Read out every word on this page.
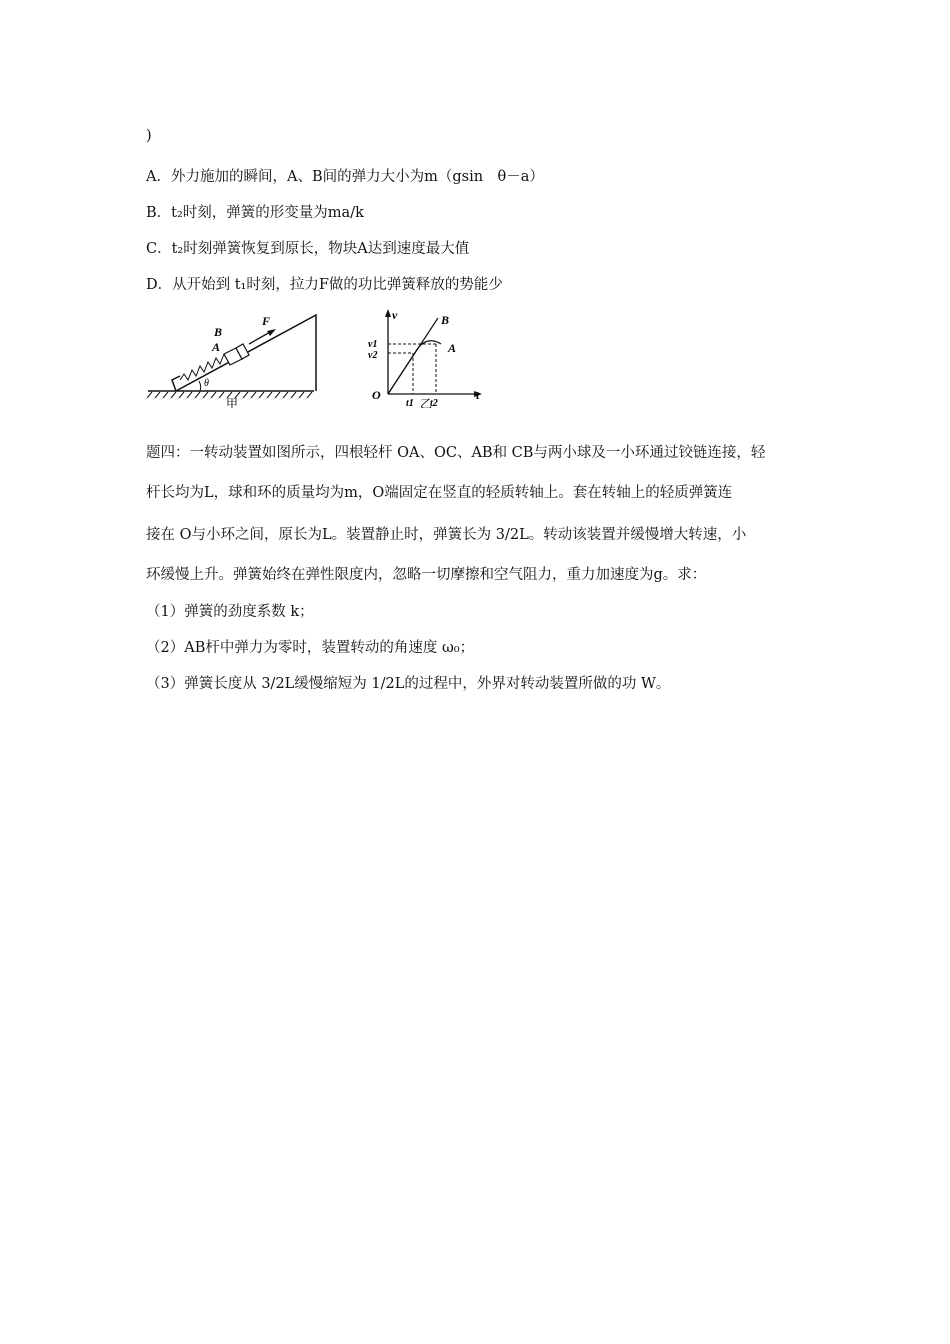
)
A．外力施加的瞬间，A、B间的弹力大小为m（gsin　θ－a）
B．t₂时刻，弹簧的形变量为ma/k
C．t₂时刻弹簧恢复到原长，物块A达到速度最大值
D．从开始到 t₁时刻，拉力F做的功比弹簧释放的势能少
B
A
F
θ
甲
v
v1
v2
O	t
t1 t2
B
A
乙
题四：一转动装置如图所示，四根轻杆 OA、OC、AB和 CB与两小球及一小环通过铰链连接，轻
杆长均为L，球和环的质量均为m，O端固定在竖直的轻质转轴上。套在转轴上的轻质弹簧连
接在 O与小环之间，原长为L。装置静止时，弹簧长为 3/2L。转动该装置并缓慢增大转速，小
环缓慢上升。弹簧始终在弹性限度内，忽略一切摩擦和空气阻力，重力加速度为g。求：
（1）弹簧的劲度系数 k；
（2）AB杆中弹力为零时，装置转动的角速度 ω₀；
（3）弹簧长度从 3/2L缓慢缩短为 1/2L的过程中，外界对转动装置所做的功 W。
